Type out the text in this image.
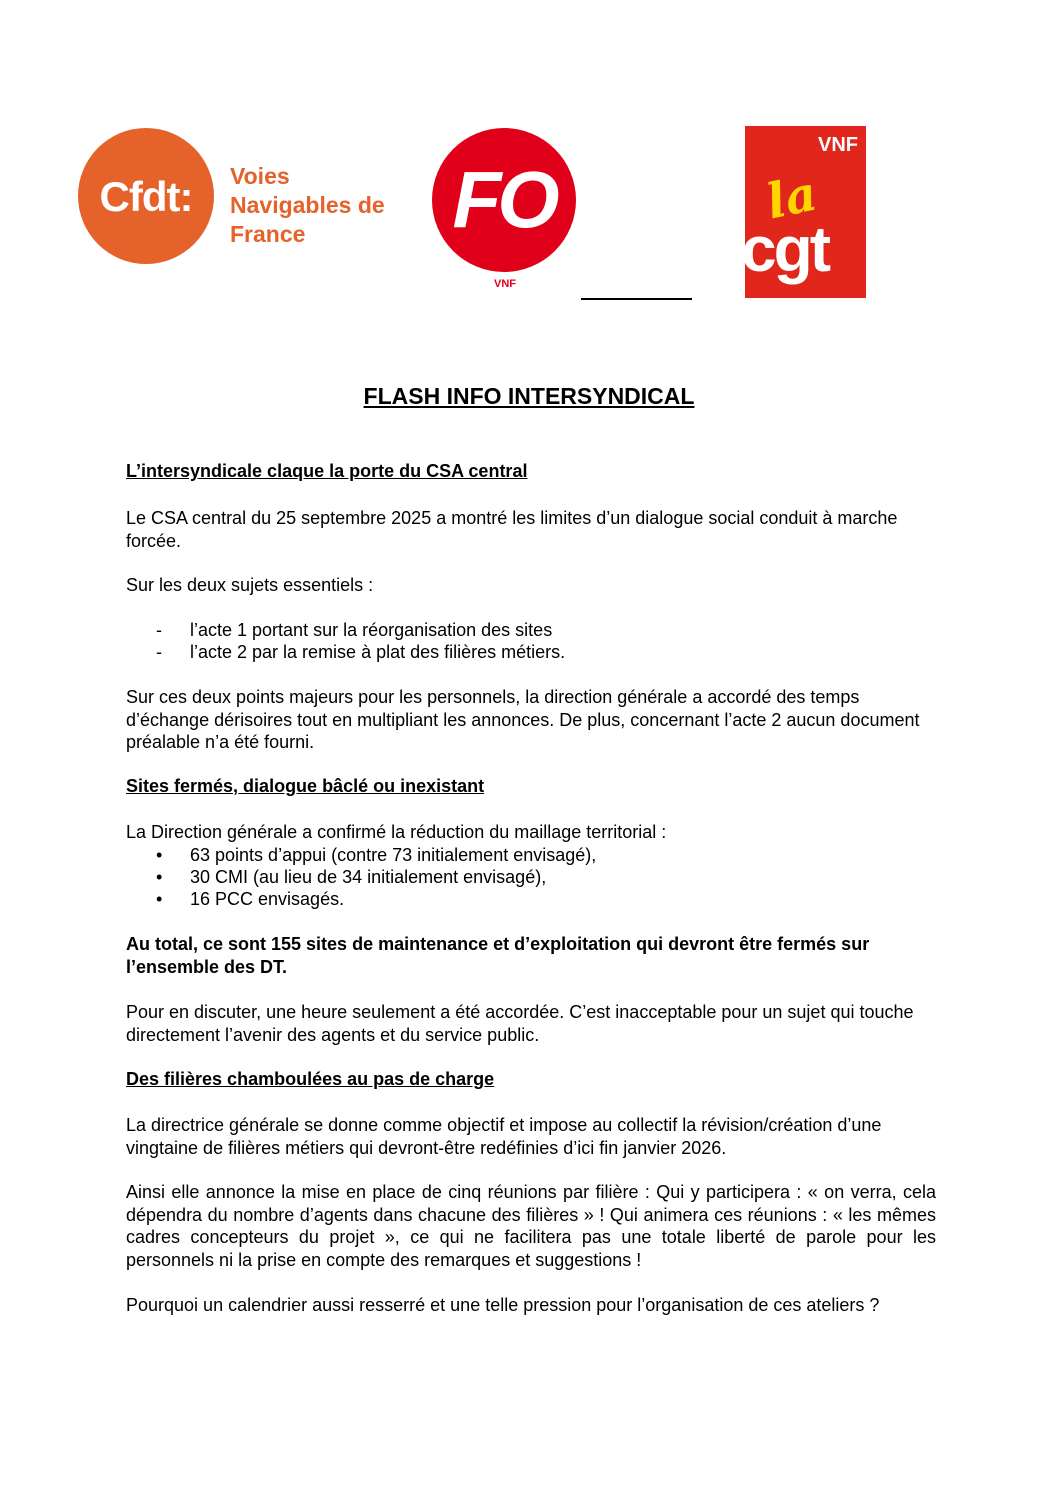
Cfdt:	Voies
Navigables de
France	FO
VNF
VNF
la
cgt
FLASH INFO INTERSYNDICAL
L’intersyndicale claque la porte du CSA central
Le CSA central du 25 septembre 2025 a montré les limites d’un dialogue social conduit à marche forcée.
Sur les deux sujets essentiels :
- l’acte 1 portant sur la réorganisation des sites
- l’acte 2 par la remise à plat des filières métiers.
Sur ces deux points majeurs pour les personnels, la direction générale a accordé des temps d’échange dérisoires tout en multipliant les annonces. De plus, concernant l’acte 2 aucun document préalable n’a été fourni.
Sites fermés, dialogue bâclé ou inexistant
La Direction générale a confirmé la réduction du maillage territorial :
• 63 points d’appui (contre 73 initialement envisagé),
• 30 CMI (au lieu de 34 initialement envisagé),
• 16 PCC envisagés.
Au total, ce sont 155 sites de maintenance et d’exploitation qui devront être fermés sur l’ensemble des DT.
Pour en discuter, une heure seulement a été accordée. C’est inacceptable pour un sujet qui touche directement l’avenir des agents et du service public.
Des filières chamboulées au pas de charge
La directrice générale se donne comme objectif et impose au collectif la révision/création d’une vingtaine de filières métiers qui devront-être redéfinies d’ici fin janvier 2026.
Ainsi elle annonce la mise en place de cinq réunions par filière : Qui y participera : « on verra, cela dépendra du nombre d’agents dans chacune des filières » ! Qui animera ces réunions : « les mêmes cadres concepteurs du projet », ce qui ne facilitera pas une totale liberté de parole pour les personnels ni la prise en compte des remarques et suggestions !
Pourquoi un calendrier aussi resserré et une telle pression pour l’organisation de ces ateliers ?
